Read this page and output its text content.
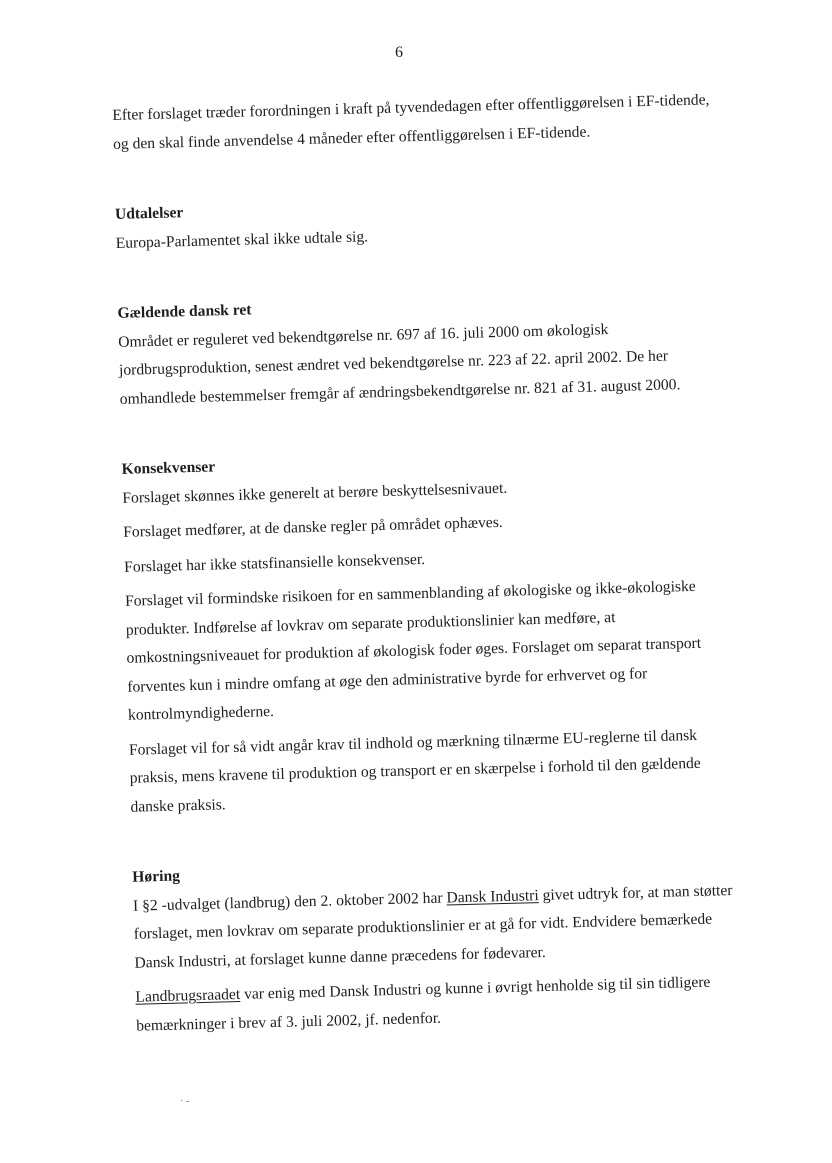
6

Efter forslaget træder forordningen i kraft på tyvendedagen efter offentliggørelsen i EF-tidende, og den skal finde anvendelse 4 måneder efter offentliggørelsen i EF-tidende.

Udtalelser

Europa-Parlamentet skal ikke udtale sig.

Gældende dansk ret

Området er reguleret ved bekendtgørelse nr. 697 af 16. juli 2000 om økologisk jordbrugsproduktion, senest ændret ved bekendtgørelse nr. 223 af 22. april 2002. De her omhandlede bestemmelser fremgår af ændringsbekendtgørelse nr. 821 af 31. august 2000.

Konsekvenser

Forslaget skønnes ikke generelt at berøre beskyttelsesnivauet.

Forslaget medfører, at de danske regler på området ophæves.

Forslaget har ikke statsfinansielle konsekvenser.

Forslaget vil formindske risikoen for en sammenblanding af økologiske og ikke-økologiske produkter. Indførelse af lovkrav om separate produktionslinier kan medføre, at omkostningsniveauet for produktion af økologisk foder øges. Forslaget om separat transport forventes kun i mindre omfang at øge den administrative byrde for erhvervet og for kontrolmyndighederne.

Forslaget vil for så vidt angår krav til indhold og mærkning tilnærme EU-reglerne til dansk praksis, mens kravene til produktion og transport er en skærpelse i forhold til den gældende danske praksis.

Høring

I §2 -udvalget (landbrug) den 2. oktober 2002 har Dansk Industri givet udtryk for, at man støtter forslaget, men lovkrav om separate produktionslinier er at gå for vidt. Endvidere bemærkede Dansk Industri, at forslaget kunne danne præcedens for fødevarer.

Landbrugsraadet var enig med Dansk Industri og kunne i øvrigt henholde sig til sin tidligere bemærkninger i brev af 3. juli 2002, jf. nedenfor.

· -
